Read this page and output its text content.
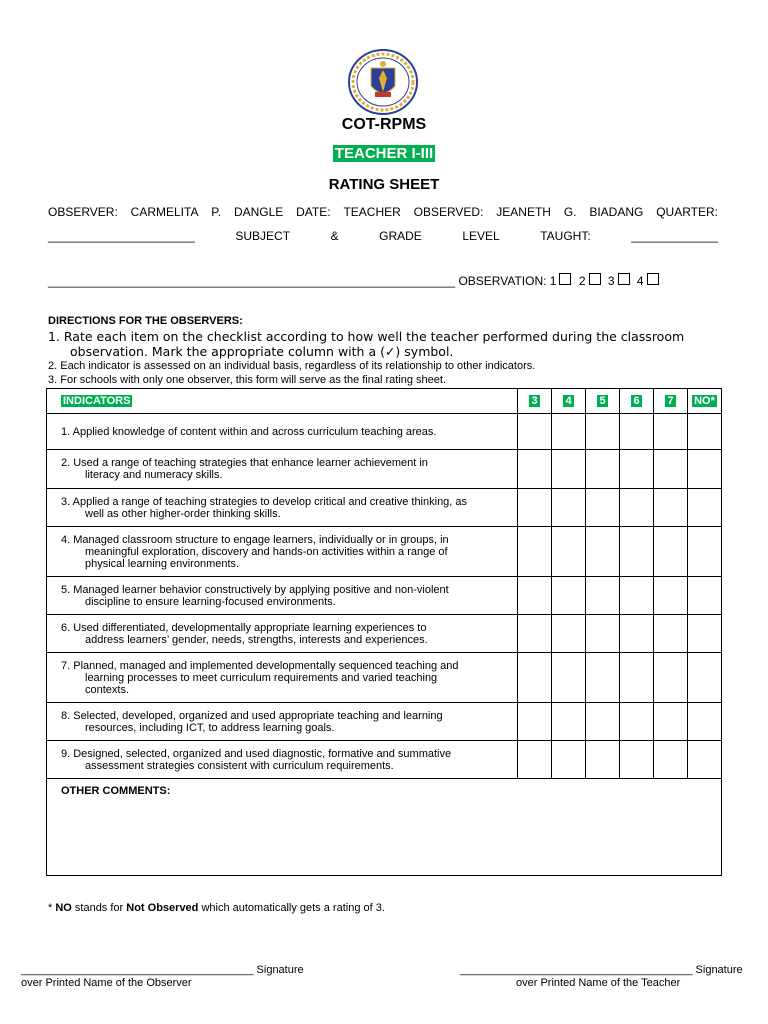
COT-RPMS
TEACHER I-III
RATING SHEET
OBSERVER: CARMELITA P. DANGLE DATE: TEACHER OBSERVED: JEANETH G. BIADANG QUARTER:
______________________	SUBJECT	&	GRADE	LEVEL	TAUGHT:	_____________
_____________________________________________________________ OBSERVATION: 1 2 3 4
DIRECTIONS FOR THE OBSERVERS:
1. Rate each item on the checklist according to how well the teacher performed during the classroom
observation. Mark the appropriate column with a (✓) symbol.
2. Each indicator is assessed on an individual basis, regardless of its relationship to other indicators.
3. For schools with only one observer, this form will serve as the final rating sheet.
INDICATORS	3	4	5	6	7	NO*

1. Applied knowledge of content within and across curriculum teaching areas.						

2. Used a range of teaching strategies that enhance learner achievement in
literacy and numeracy skills.						

3. Applied a range of teaching strategies to develop critical and creative thinking, as
well as other higher-order thinking skills.						

4. Managed classroom structure to engage learners, individually or in groups, in
meaningful exploration, discovery and hands-on activities within a range of
physical learning environments.						

5. Managed learner behavior constructively by applying positive and non-violent
discipline to ensure learning-focused environments.						

6. Used differentiated, developmentally appropriate learning experiences to
address learners’ gender, needs, strengths, interests and experiences.						

7. Planned, managed and implemented developmentally sequenced teaching and
learning processes to meet curriculum requirements and varied teaching
contexts.						

8. Selected, developed, organized and used appropriate teaching and learning
resources, including ICT, to address learning goals.						

9. Designed, selected, organized and used diagnostic, formative and summative
assessment strategies consistent with curriculum requirements.						

OTHER COMMENTS:						
* NO stands for Not Observed which automatically gets a rating of 3.
______________________________________ Signature
over Printed Name of the Observer
______________________________________ Signature
over Printed Name of the Teacher
